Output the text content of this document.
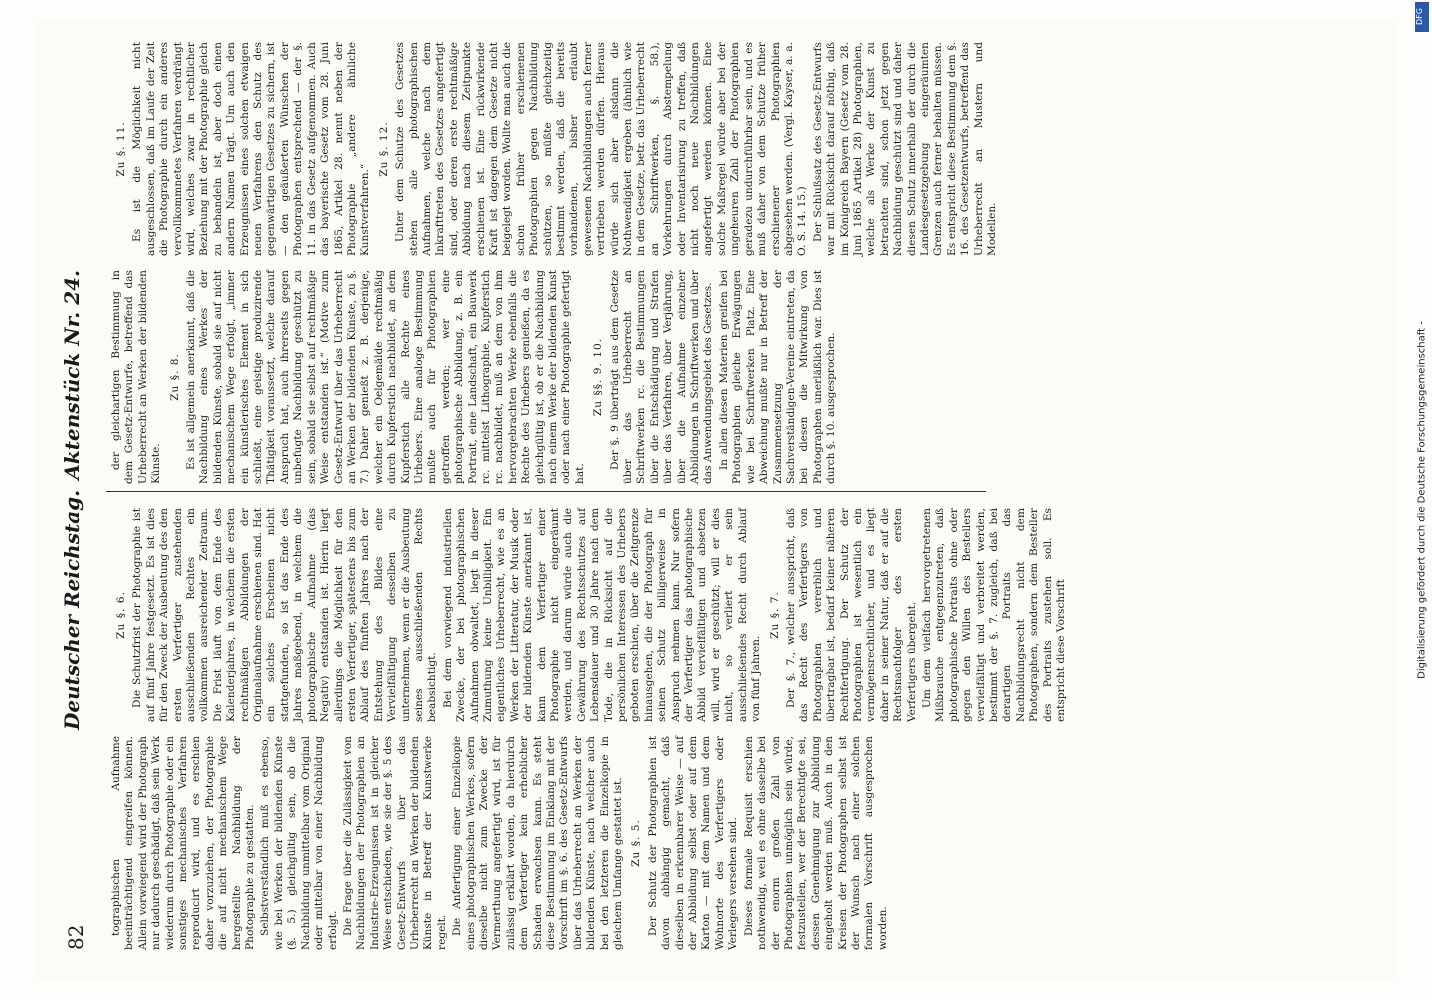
82
Deutscher Reichstag.
Aktenstück Nr. 24.

tographischen Aufnahme beeinträchtigend eingreifen können. Allein vorwiegend wird der Photograph nur dadurch geschädigt, daß sein Werk wiederum durch Photographie oder ein sonstiges mechanisches Verfahren reproducirt wird, und es erschien daher vorzuziehen, der Photographie die auf nicht mechanischem Wege hergestellte Nachbildung der Photographie zu gestatten. Selbstverständlich muß es ebenso, wie bei Werken der bildenden Künste (§. 5.) gleichgültig sein, ob die Nachbildung unmittelbar vom Original oder mittelbar von einer Nachbildung erfolgt. Die Frage über die Zulässigkeit von Nachbildungen der Photographien an Industrie-Erzeugnissen ist in gleicher Weise entschieden, wie sie der §. 5 des Gesetz-Entwurfs über das Urheberrecht an Werken der bildenden Künste in Betreff der Kunstwerke regelt. Die Anfertigung einer Einzelkopie eines photographischen Werkes, sofern dieselbe nicht zum Zwecke der Vermerthung angefertigt wird, ist für zulässig erklärt worden, da hierdurch dem Verfertiger kein erheblicher Schaden erwachsen kann. Es steht diese Bestimmung im Einklang mit der Vorschrift im §. 6. des Gesetz-Entwurfs über das Urheberrecht an Werken der bildenden Künste, nach welcher auch bei den letzteren die Einzelkopie in gleichem Umfange gestattet ist. Zu §. 5. Der Schutz der Photographien ist davon abhängig gemacht, daß dieselben in erkennbarer Weise — auf der Abbildung selbst oder auf dem Karton — mit dem Namen und dem Wohnorte des Verfertigers oder Verlegers versehen sind. Dieses formale Requisit erschien nothwendig, weil es ohne dasselbe bei der enorm großen Zahl von Photographien unmöglich sein würde, festzustellen, wer der Berechtigte sei, dessen Genehmigung zur Abbildung eingeholt werden muß. Auch in den Kreisen der Photographen selbst ist der Wunsch nach einer solchen formalen Vorschrift ausgesprochen worden.

Zu §. 6. Die Schutzfrist der Photographie ist auf fünf Jahre festgesetzt. Es ist dies für den Zweck der Ausbeutung des den ersten Verfertiger zustehenden ausschließenden Rechtes ein vollkommen ausreichender Zeitraum. Die Frist läuft von dem Ende des Kalenderjahres, in welchem die ersten rechtmäßigen Abbildungen der Originalaufnahme erschienen sind. Hat ein solches Erscheinen nicht stattgefunden, so ist das Ende des Jahres maßgebend, in welchem die photographische Aufnahme (das Negativ) entstanden ist. Hierin liegt allerdings die Möglichkeit für den ersten Verfertiger, spätestens bis zum Ablauf des fünften Jahres nach der Entstehung des Bildes eine Vervielfältigung desselben zu unternehmen, wenn er die Ausbeutung seines ausschließenden Rechts beabsichtigt. Bei dem vorwiegend industriellen Zwecke, der bei photographischen Aufnahmen obwaltet, liegt in dieser Zumuthung keine Unbilligkeit. Ein eigentliches Urheberrecht, wie es an Werken der Litteratur, der Musik oder der bildenden Künste anerkannt ist, kann dem Verfertiger einer Photographie nicht eingeräumt werden, und darum würde auch die Gewährung des Rechtsschutzes auf Lebensdauer und 30 Jahre nach dem Tode, die in Rücksicht auf die persönlichen Interessen des Urhebers geboten erschien, über die Zeitgrenze hinausgehen, die der Photograph für seinen Schutz billigerweise in Anspruch nehmen kann. Nur sofern der Verfertiger das photographische Abbild vervielfältigen und absetzen will, wird er geschützt; will er dies nicht, so verliert er sein ausschließendes Recht durch Ablauf von fünf Jahren.

Zu §. 7. Der §. 7., welcher ausspricht, daß das Recht des Verfertigers von Photographien vererblich und übertragbar ist, bedarf keiner näheren Rechtfertigung. Der Schutz der Photographien ist wesentlich ein vermögensrechtlicher, und es liegt daher in seiner Natur, daß er auf die Rechtsnachfolger des ersten Verfertigers übergeht. Um dem vielfach hervorgetretenen Mißbrauche entgegenzutreten, daß photographische Portraits ohne oder gegen den Willen des Bestellers vervielfältigt und verbreitet werden, bestimmt der §. 7. zugleich, daß bei derartigen Portraits das Nachbildungsrecht nicht dem Photographen, sondern dem Besteller des Portraits zustehen soll. Es entspricht diese Vorschrift

der gleichartigen Bestimmung in dem Gesetz-Entwurfe, betreffend das Urheberrecht an Werken der bildenden Künste.

Zu §. 8. Es ist allgemein anerkannt, daß die Nachbildung eines Werkes der bildenden Künste, sobald sie auf nicht mechanischem Wege erfolgt, „immer ein künstlerisches Element in sich schließt, eine geistige produzirende Thätigkeit voraussetzt, welche darauf Anspruch hat, auch ihrerseits gegen unbefugte Nachbildung geschützt zu sein, sobald sie selbst auf rechtmäßige Weise entstanden ist.“ (Motive zum Gesetz-Entwurf über das Urheberrecht an Werken der bildenden Künste, zu §. 7.) Daher genießt z. B. derjenige, welcher ein Oelgemälde rechtmäßig durch Kupferstich nachbildet, an dem Kupferstich alle Rechte eines Urhebers. Eine analoge Bestimmung mußte auch für Photographien getroffen werden; wer eine photographische Abbildung, z. B. ein Portrait, eine Landschaft, ein Bauwerk rc. mittelst Lithographie, Kupferstich rc. nachbildet, muß an dem von ihm hervorgebrachten Werke ebenfalls die Rechte des Urhebers genießen, da es gleichgültig ist, ob er die Nachbildung nach einem Werke der bildenden Kunst oder nach einer Photographie gefertigt hat.

Zu §§. 9. 10. Der §. 9 überträgt aus dem Gesetze über das Urheberrecht an Schriftwerken rc. die Bestimmungen über die Entschädigung und Strafen über das Verfahren, über Verjährung, über die Aufnahme einzelner Abbildungen in Schriftwerken und über das Anwendungsgebiet des Gesetzes. In allen diesen Materien greifen bei Photographien gleiche Erwägungen wie bei Schriftwerken Platz. Eine Abweichung mußte nur in Betreff der Zusammensetzung der Sachverständigen-Vereine eintreten, da bei diesen die Mitwirkung von Photographen unerläßlich war. Dies ist durch §. 10. ausgesprochen.

Zu §. 11. Es ist die Möglichkeit nicht ausgeschlossen, daß im Laufe der Zeit die Photographie durch ein anderes vervollkommnetes Verfahren verdrängt wird, welches zwar in rechtlicher Beziehung mit der Photographie gleich zu behandeln ist, aber doch einen andern Namen trägt. Um auch den Erzeugnissen eines solchen etwaigen neuen Verfahrens den Schutz des gegenwärtigen Gesetzes zu sichern, ist — den geäußerten Wünschen der Photographen entsprechend — der §. 11. in das Gesetz aufgenommen. Auch das bayerische Gesetz vom 28. Juni 1865, Artikel 28. nennt neben der Photographie „andere ähnliche Kunstverfahren.“

Zu §. 12. Unter dem Schutze des Gesetzes stehen alle photographischen Aufnahmen, welche nach dem Inkrafttreten des Gesetzes angefertigt sind, oder deren erste rechtmäßige Abbildung nach diesem Zeitpunkte erschienen ist. Eine rückwirkende Kraft ist dagegen dem Gesetze nicht beigelegt worden. Wollte man auch die schon früher erschienenen Photographien gegen Nachbildung schützen, so müßte gleichzeitig bestimmt werden, daß die bereits vorhandenen, bisher erlaubt gewesenen Nachbildungen auch ferner vertrieben werden dürfen. Hieraus würde sich aber alsdann die Nothwendigkeit ergeben (ähnlich wie in dem Gesetze, betr. das Urheberrecht an Schriftwerken, §. 58.), Vorkehrungen durch Abstempelung oder Inventarisirung zu treffen, daß nicht noch neue Nachbildungen angefertigt werden können. Eine solche Maßregel würde aber bei der ungeheuren Zahl der Photographien geradezu undurchführbar sein, und es muß daher von dem Schutze früher erschienener Photographien abgesehen werden. (Vergl. Kayser, a. a. O. S. 14. 15.) Der Schlußsatz des Gesetz-Entwurfs war mit Rücksicht darauf nöthig, daß im Königreich Bayern (Gesetz vom 28. Juni 1865 Artikel 28) Photographien, welche als Werke der Kunst zu betrachten sind, schon jetzt gegen Nachbildung geschützt sind und daher diesen Schutz innerhalb der durch die Landesgesetzgebung eingeräumten Grenzen auch ferner behalten müssen. Es entspricht diese Bestimmung dem §. 16. des Gesetzentwurfs, betreffend das Urheberrecht an Mustern und Modellen.

DFG
Digitalisierung gefördert durch die Deutsche Forschungsgemeinschaft -
